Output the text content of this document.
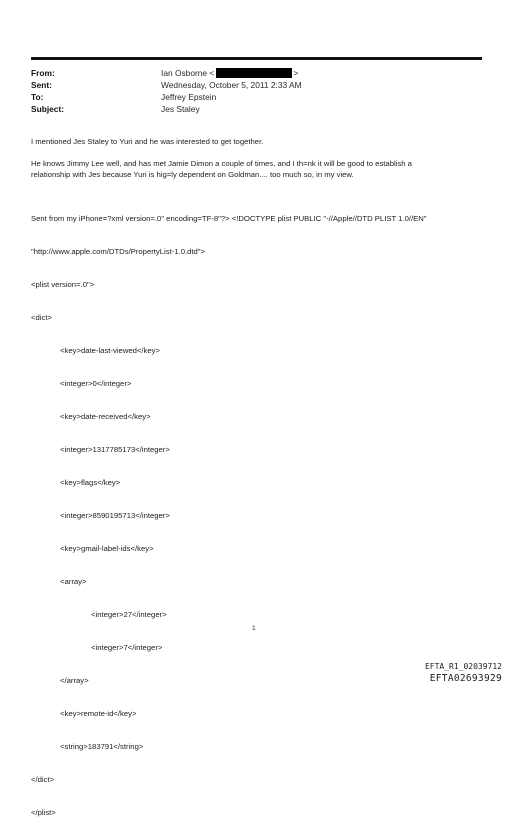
From:	Ian Osborne <	>
Sent:	Wednesday, October 5, 2011 2:33 AM
To:	Jeffrey Epstein
Subject:	Jes Staley

I mentioned Jes Staley to Yuri and he was interested to get together.

He knows Jimmy Lee well, and has met Jamie Dimon a couple of times, and I th=nk it will be good to establish a
relationship with Jes because Yuri is hig=ly dependent on Goldman.... too much so, in my view.

Sent from my iPhone=?xml version=.0" encoding=TF-8"?> <!DOCTYPE plist PUBLIC "-//Apple//DTD PLIST 1.0//EN"

"http://www.apple.com/DTDs/PropertyList-1.0.dtd">

<plist version=.0">

<dict>

<key>date-last-viewed</key>

<integer>0</integer>

<key>date-received</key>

<integer>1317785173</integer>

<key>flags</key>

<integer>8590195713</integer>

<key>gmail-label-ids</key>

<array>

<integer>27</integer>

<integer>7</integer>

</array>

<key>remote-id</key>

<string>183791</string>

</dict>

</plist>

1
EFTA_R1_02039712
EFTA02693929
